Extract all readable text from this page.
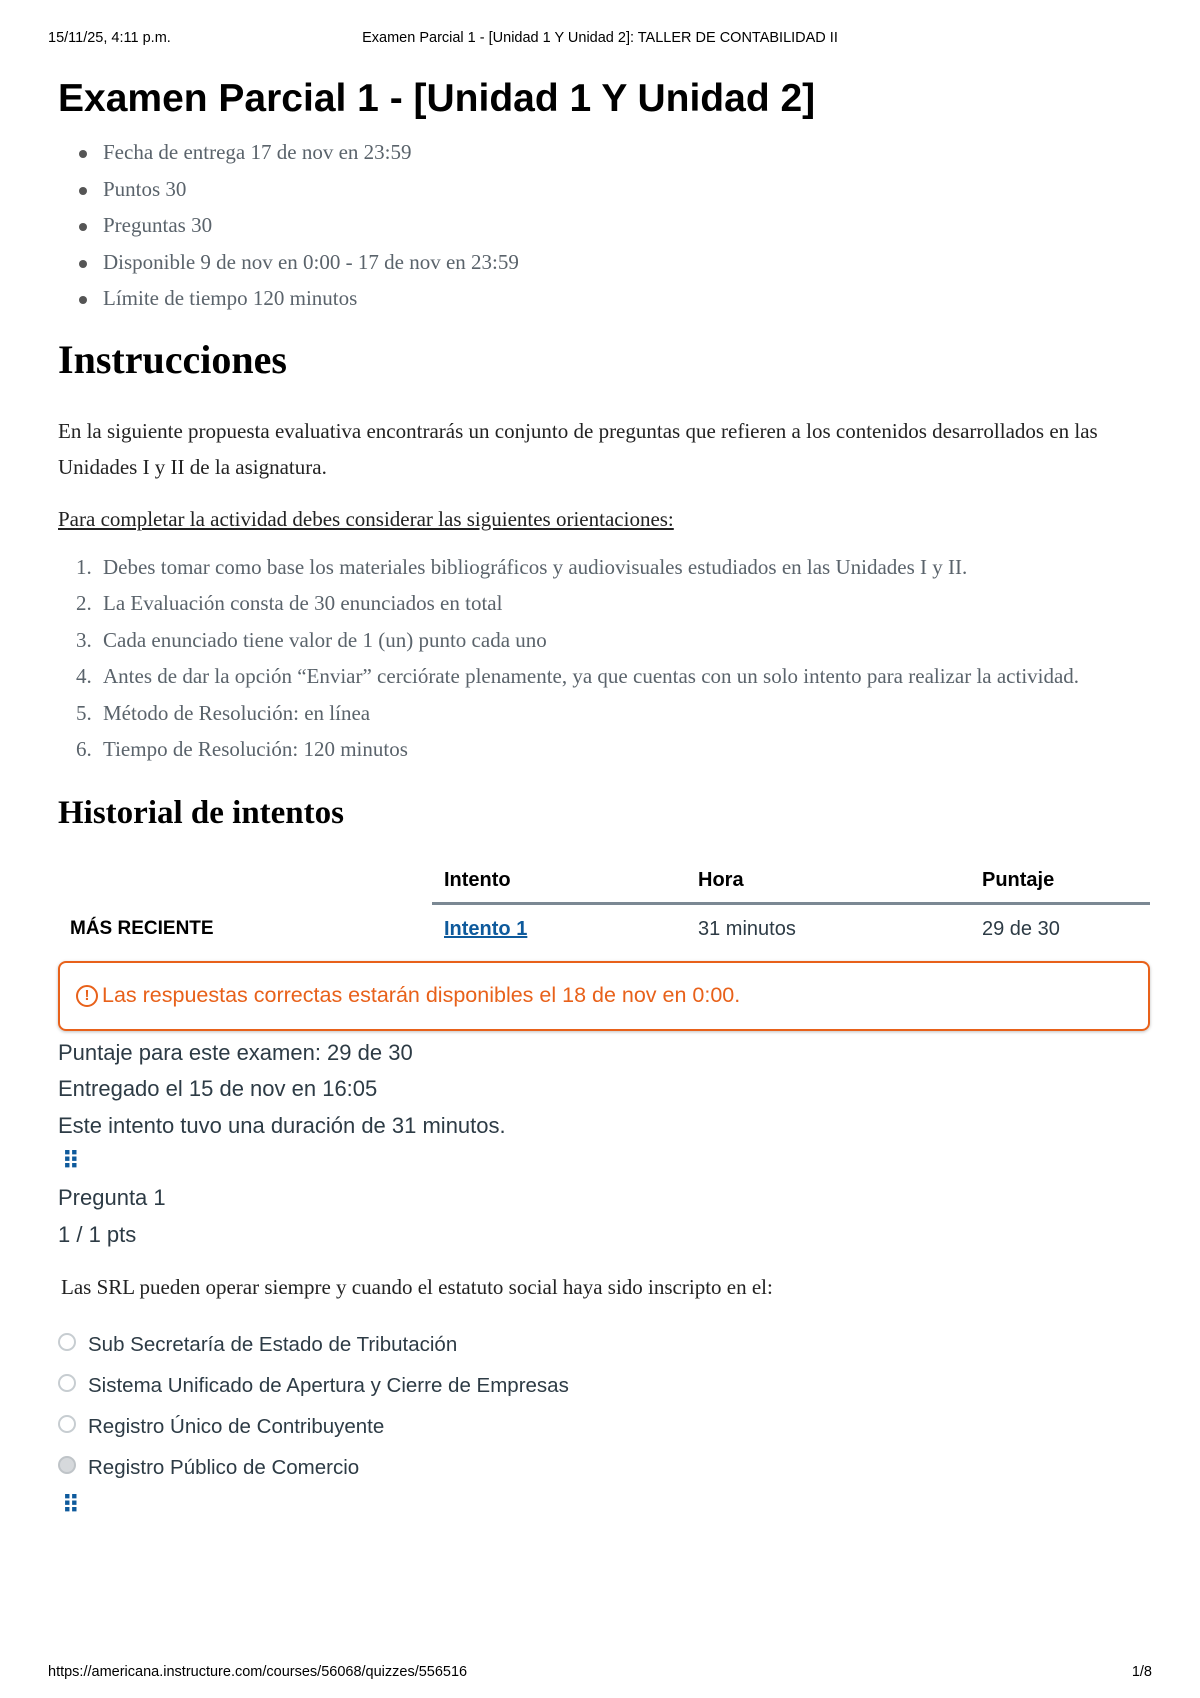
15/11/25, 4:11 p.m.	Examen Parcial 1 - [Unidad 1 Y Unidad 2]: TALLER DE CONTABILIDAD II
Examen Parcial 1 - [Unidad 1 Y Unidad 2]
Fecha de entrega 17 de nov en 23:59
Puntos 30
Preguntas 30
Disponible 9 de nov en 0:00 - 17 de nov en 23:59
Límite de tiempo 120 minutos
Instrucciones

En la siguiente propuesta evaluativa encontrarás un conjunto de preguntas que refieren a los contenidos desarrollados en las Unidades I y II de la asignatura.

Para completar la actividad debes considerar las siguientes orientaciones:

1. Debes tomar como base los materiales bibliográficos y audiovisuales estudiados en las Unidades I y II.
2. La Evaluación consta de 30 enunciados en total
3. Cada enunciado tiene valor de 1 (un) punto cada uno
4. Antes de dar la opción “Enviar” cerciórate plenamente, ya que cuentas con un solo intento para realizar la actividad.
5. Método de Resolución: en línea
6. Tiempo de Resolución: 120 minutos
Historial de intentos
	Intento	Hora	Puntaje
MÁS RECIENTE	Intento 1	31 minutos	29 de 30
! Las respuestas correctas estarán disponibles el 18 de nov en 0:00.
Puntaje para este examen: 29 de 30
Entregado el 15 de nov en 16:05
Este intento tuvo una duración de 31 minutos.
⠿
Pregunta 1
1 / 1 pts

Las SRL pueden operar siempre y cuando el estatuto social haya sido inscripto en el:

Sub Secretaría de Estado de Tributación
Sistema Unificado de Apertura y Cierre de Empresas
Registro Único de Contribuyente
Registro Público de Comercio
⠿
https://americana.instructure.com/courses/56068/quizzes/556516	1/8
